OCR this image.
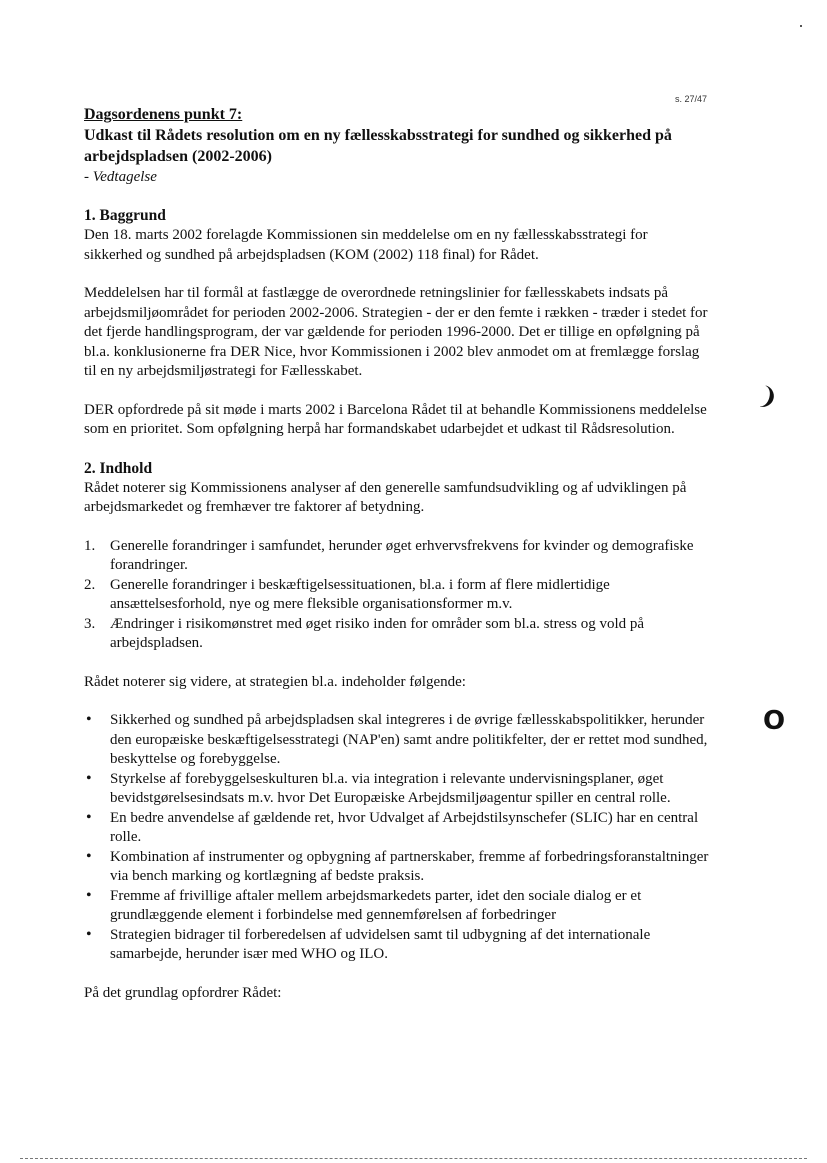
s. 27/47

Dagsordenens punkt 7:

Udkast til Rådets resolution om en ny fællesskabsstrategi for sundhed og sikkerhed på arbejdspladsen (2002-2006)

- Vedtagelse

1. Baggrund

Den 18. marts 2002 forelagde Kommissionen sin meddelelse om en ny fællesskabsstrategi for sikkerhed og sundhed på arbejdspladsen (KOM (2002) 118 final) for Rådet.

Meddelelsen har til formål at fastlægge de overordnede retningslinier for fællesskabets indsats på arbejdsmiljøområdet for perioden 2002-2006. Strategien - der er den femte i rækken - træder i stedet for det fjerde handlingsprogram, der var gældende for perioden 1996-2000. Det er tillige en opfølgning på bl.a. konklusionerne fra DER Nice, hvor Kommissionen i 2002 blev anmodet om at fremlægge forslag til en ny arbejdsmiljøstrategi for Fællesskabet.

DER opfordrede på sit møde i marts 2002 i Barcelona Rådet til at behandle Kommissionens meddelelse som en prioritet. Som opfølgning herpå har formandskabet udarbejdet et udkast til Rådsresolution.

2. Indhold

Rådet noterer sig Kommissionens analyser af den generelle samfundsudvikling og af udviklingen på arbejdsmarkedet og fremhæver tre faktorer af betydning.

1. Generelle forandringer i samfundet, herunder øget erhvervsfrekvens for kvinder og demografiske forandringer.
2. Generelle forandringer i beskæftigelsessituationen, bl.a. i form af flere midlertidige ansættelsesforhold, nye og mere fleksible organisationsformer m.v.
3. Ændringer i risikomønstret med øget risiko inden for områder som bl.a. stress og vold på arbejdspladsen.

Rådet noterer sig videre, at strategien bl.a. indeholder følgende:

• Sikkerhed og sundhed på arbejdspladsen skal integreres i de øvrige fællesskabspolitikker, herunder den europæiske beskæftigelsesstrategi (NAP'en) samt andre politikfelter, der er rettet mod sundhed, beskyttelse og forebyggelse.
• Styrkelse af forebyggelseskulturen bl.a. via integration i relevante undervisningsplaner, øget bevidstgørelsesindsats m.v. hvor Det Europæiske Arbejdsmiljøagentur spiller en central rolle.
• En bedre anvendelse af gældende ret, hvor Udvalget af Arbejdstilsynschefer (SLIC) har en central rolle.
• Kombination af instrumenter og opbygning af partnerskaber, fremme af forbedringsforanstaltninger via bench marking og kortlægning af bedste praksis.
• Fremme af frivillige aftaler mellem arbejdsmarkedets parter, idet den sociale dialog er et grundlæggende element i forbindelse med gennemførelsen af forbedringer
• Strategien bidrager til forberedelsen af udvidelsen samt til udbygning af det internationale samarbejde, herunder især med WHO og ILO.

På det grundlag opfordrer Rådet:

❩
O
